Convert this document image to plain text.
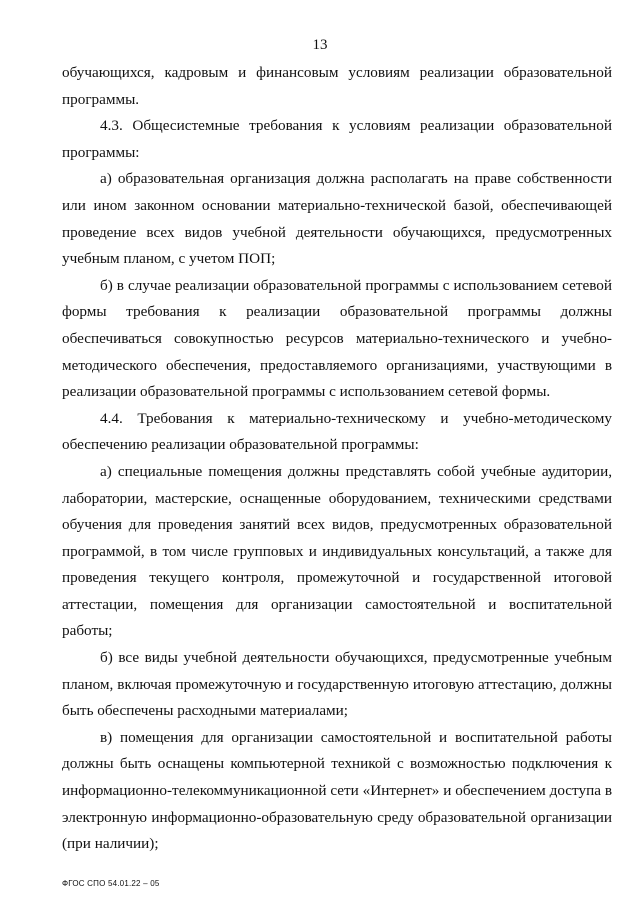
13

обучающихся, кадровым и финансовым условиям реализации образовательной программы.

4.3. Общесистемные требования к условиям реализации образовательной программы:

а) образовательная организация должна располагать на праве собственности или ином законном основании материально-технической базой, обеспечивающей проведение всех видов учебной деятельности обучающихся, предусмотренных учебным планом, с учетом ПОП;

б) в случае реализации образовательной программы с использованием сетевой формы требования к реализации образовательной программы должны обеспечиваться совокупностью ресурсов материально-технического и учебно-методического обеспечения, предоставляемого организациями, участвующими в реализации образовательной программы с использованием сетевой формы.

4.4. Требования к материально-техническому и учебно-методическому обеспечению реализации образовательной программы:

а) специальные помещения должны представлять собой учебные аудитории, лаборатории, мастерские, оснащенные оборудованием, техническими средствами обучения для проведения занятий всех видов, предусмотренных образовательной программой, в том числе групповых и индивидуальных консультаций, а также для проведения текущего контроля, промежуточной и государственной итоговой аттестации, помещения для организации самостоятельной и воспитательной работы;

б) все виды учебной деятельности обучающихся, предусмотренные учебным планом, включая промежуточную и государственную итоговую аттестацию, должны быть обеспечены расходными материалами;

в) помещения для организации самостоятельной и воспитательной работы должны быть оснащены компьютерной техникой с возможностью подключения к информационно-телекоммуникационной сети «Интернет» и обеспечением доступа в электронную информационно-образовательную среду образовательной организации (при наличии);

ФГОС СПО 54.01.22 – 05
